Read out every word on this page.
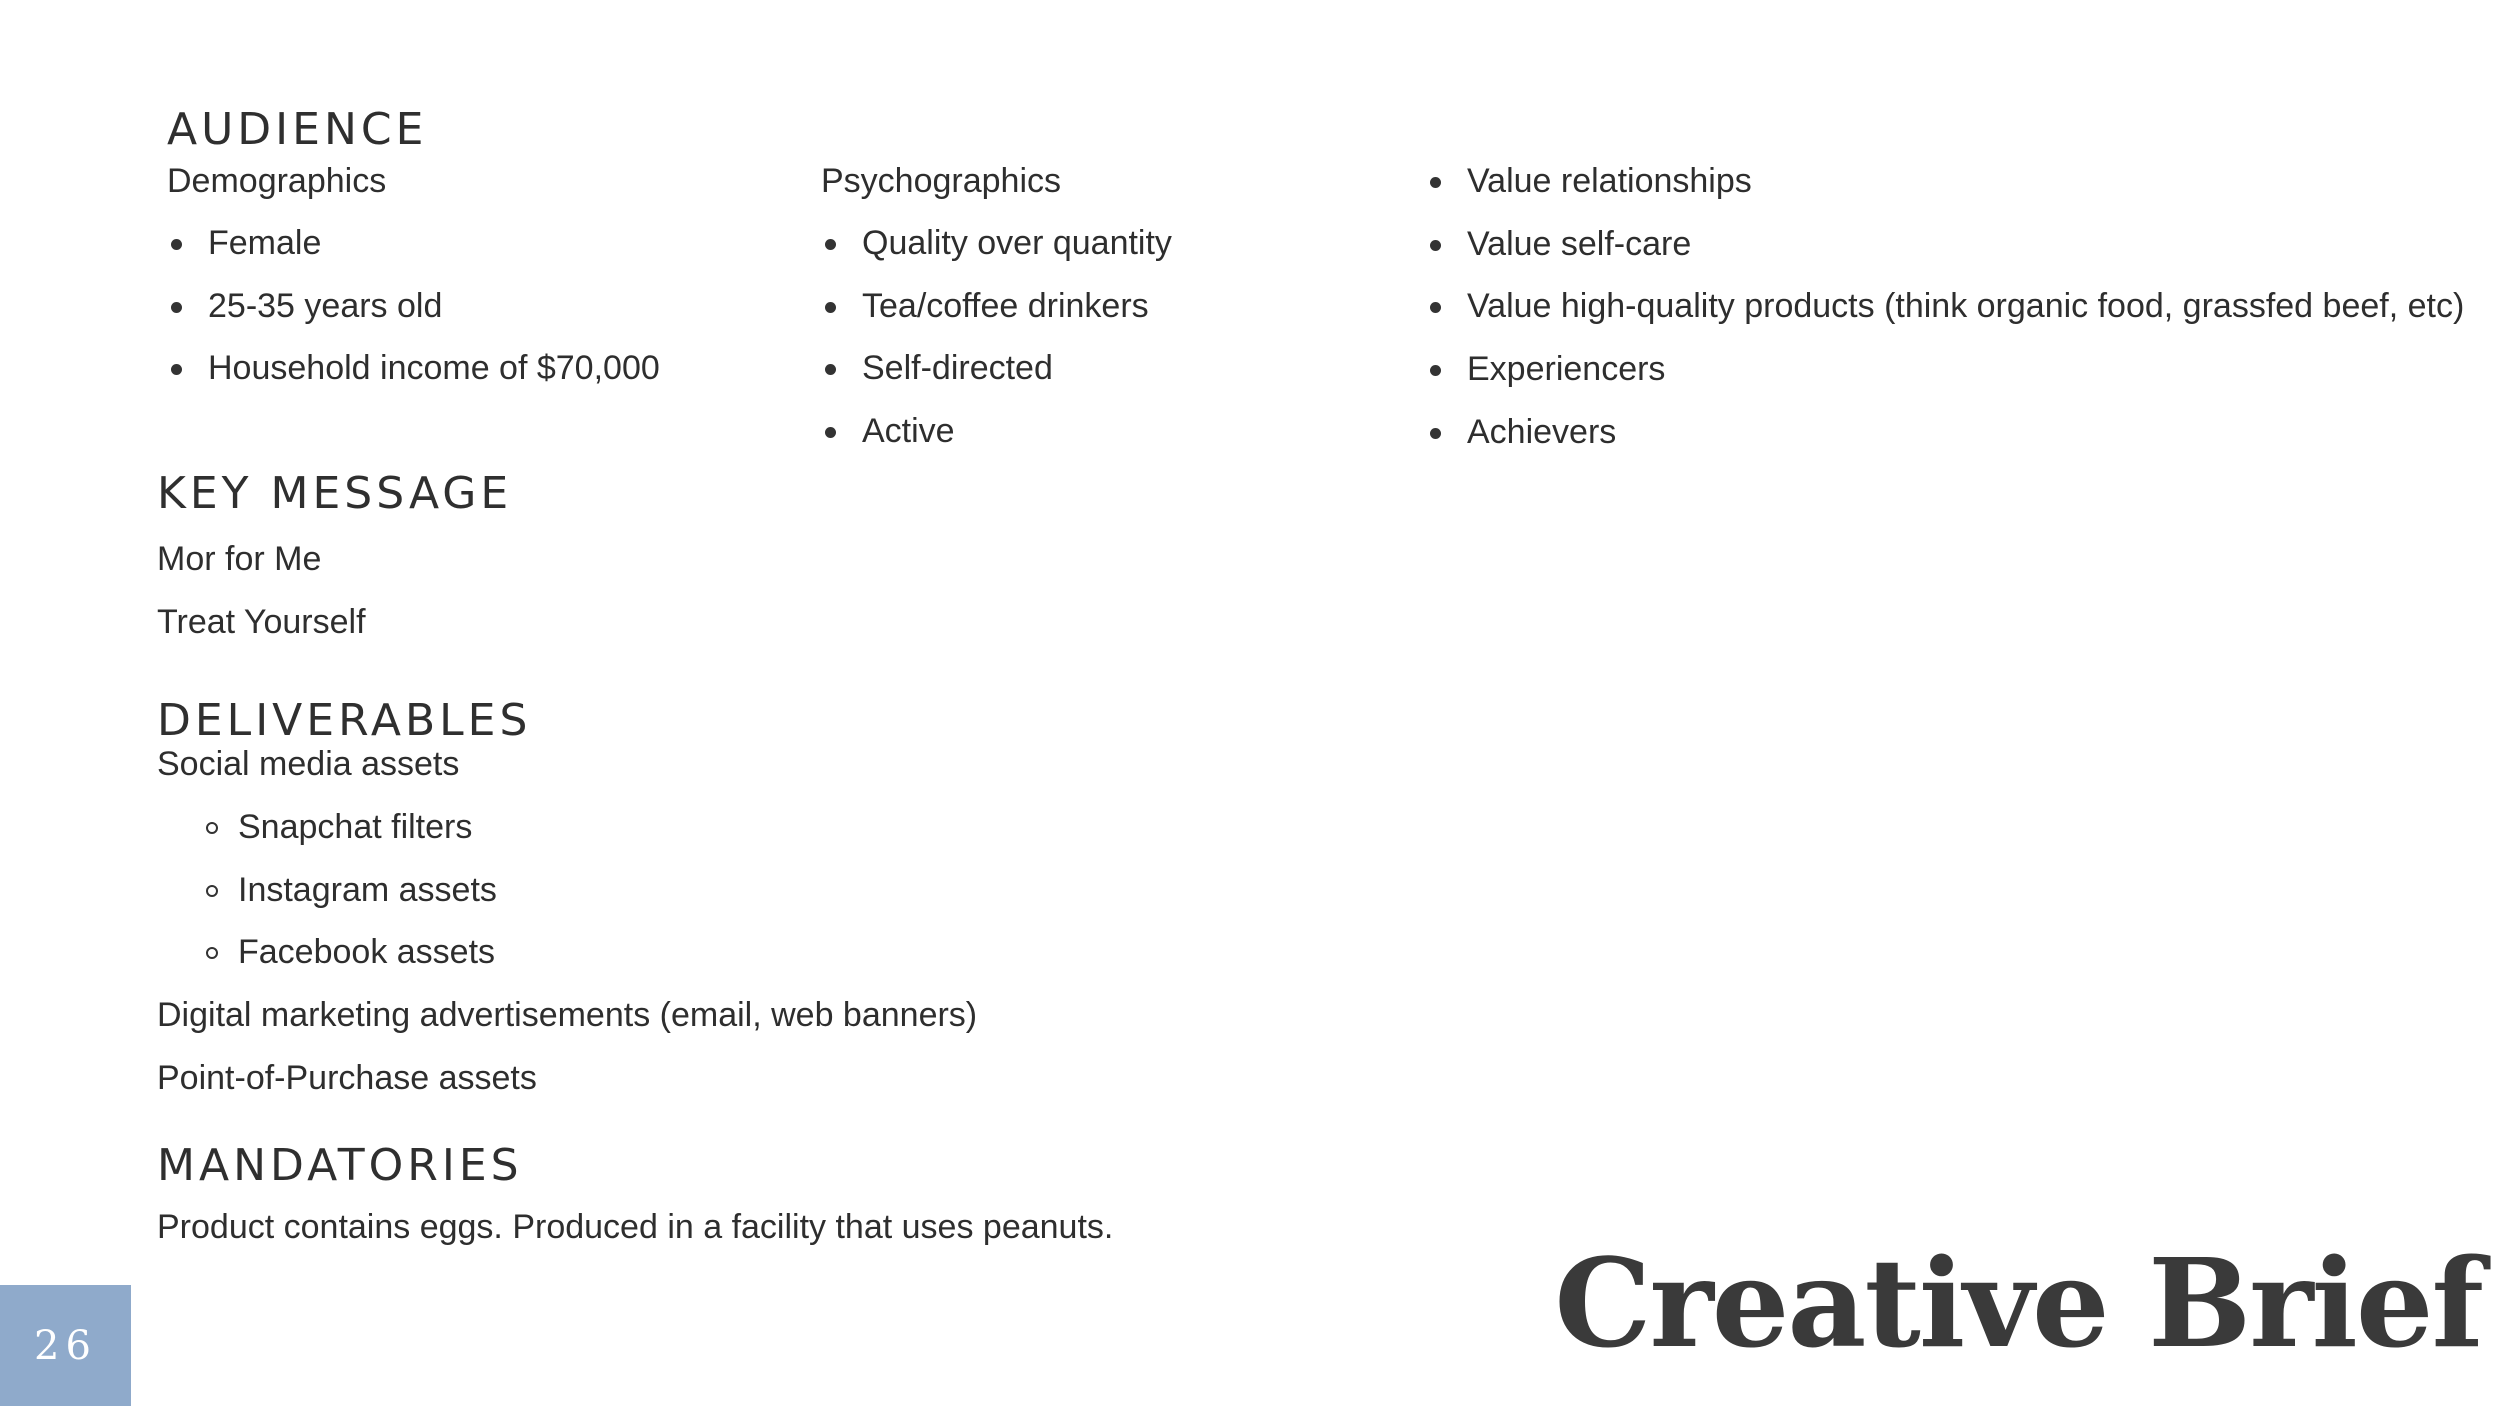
AUDIENCE
Demographics
Female
25-35 years old
Household income of $70,000
Psychographics
Quality over quantity
Tea/coffee drinkers
Self-directed
Active
Value relationships
Value self-care
Value high-quality products (think organic food, grassfed beef, etc)
Experiencers
Achievers
KEY MESSAGE
Mor for Me
Treat Yourself
DELIVERABLES
Social media assets
Snapchat filters
Instagram assets
Facebook assets
Digital marketing advertisements (email, web banners)
Point-of-Purchase assets
MANDATORIES
Product contains eggs. Produced in a facility that uses peanuts.
26	Creative Brief
